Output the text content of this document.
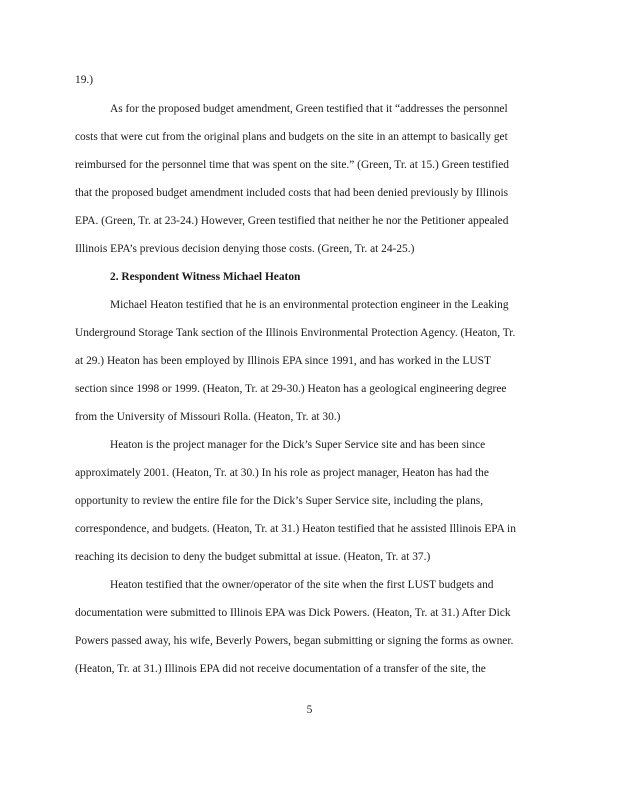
19.)
As for the proposed budget amendment, Green testified that it “addresses the personnel
costs that were cut from the original plans and budgets on the site in an attempt to basically get
reimbursed for the personnel time that was spent on the site.” (Green, Tr. at 15.) Green testified
that the proposed budget amendment included costs that had been denied previously by Illinois
EPA. (Green, Tr. at 23-24.) However, Green testified that neither he nor the Petitioner appealed
Illinois EPA’s previous decision denying those costs. (Green, Tr. at 24-25.)
2. Respondent Witness Michael Heaton
Michael Heaton testified that he is an environmental protection engineer in the Leaking
Underground Storage Tank section of the Illinois Environmental Protection Agency. (Heaton, Tr.
at 29.) Heaton has been employed by Illinois EPA since 1991, and has worked in the LUST
section since 1998 or 1999. (Heaton, Tr. at 29-30.) Heaton has a geological engineering degree
from the University of Missouri Rolla. (Heaton, Tr. at 30.)
Heaton is the project manager for the Dick’s Super Service site and has been since
approximately 2001. (Heaton, Tr. at 30.) In his role as project manager, Heaton has had the
opportunity to review the entire file for the Dick’s Super Service site, including the plans,
correspondence, and budgets. (Heaton, Tr. at 31.) Heaton testified that he assisted Illinois EPA in
reaching its decision to deny the budget submittal at issue. (Heaton, Tr. at 37.)
Heaton testified that the owner/operator of the site when the first LUST budgets and
documentation were submitted to Illinois EPA was Dick Powers. (Heaton, Tr. at 31.) After Dick
Powers passed away, his wife, Beverly Powers, began submitting or signing the forms as owner.
(Heaton, Tr. at 31.) Illinois EPA did not receive documentation of a transfer of the site, the
5
